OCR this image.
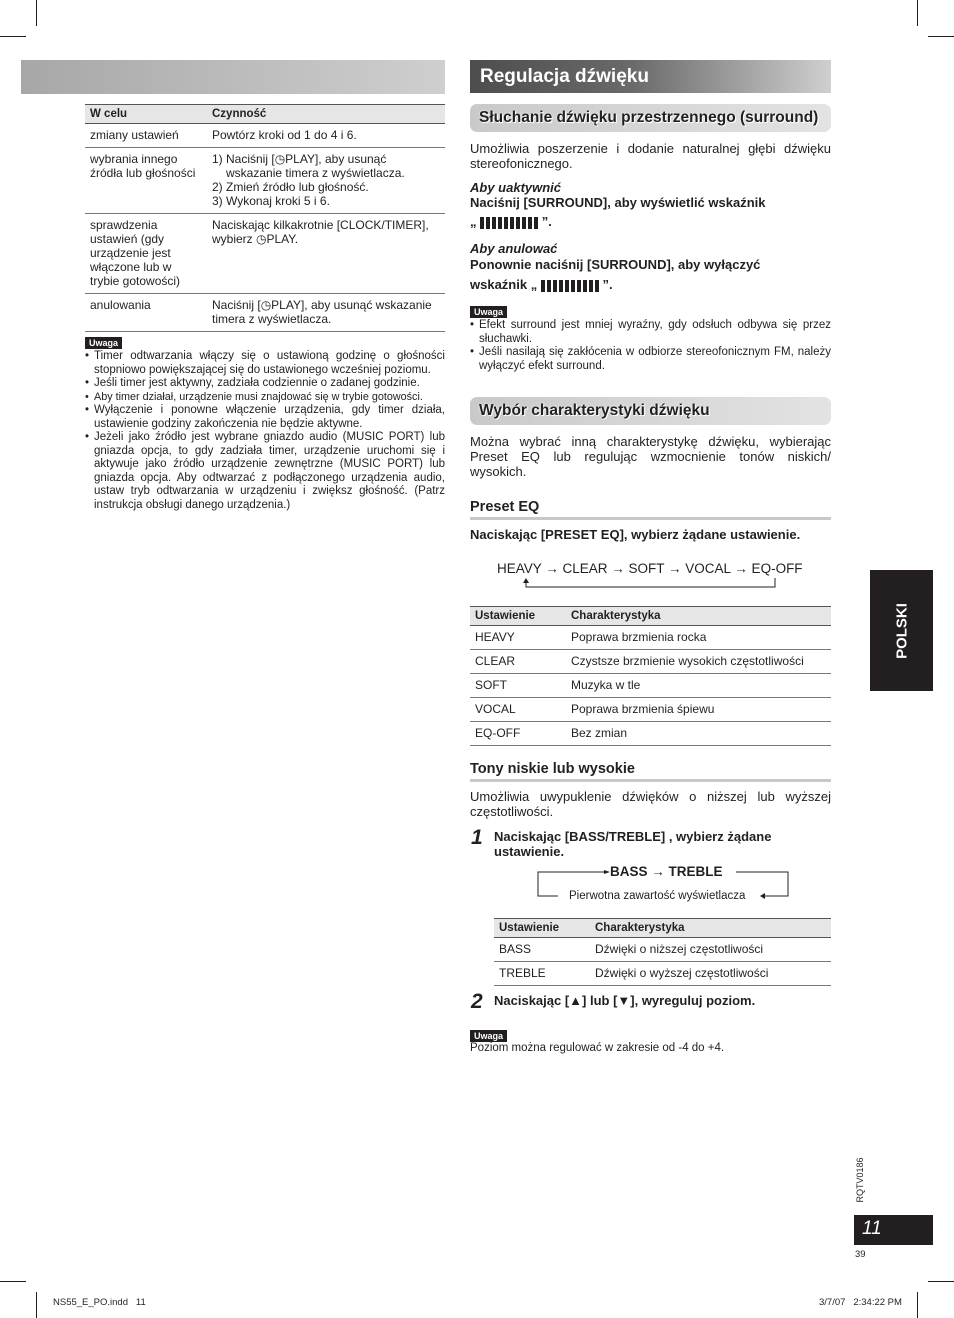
W celu	Czynność
zmiany ustawień	Powtórz kroki od 1 do 4 i 6.
wybrania innego źródła lub głośności	1) Naciśnij [◷PLAY], aby usunąć
wskazanie timera z wyświetlacza.
2) Zmień źródło lub głośność.
3) Wykonaj kroki 5 i 6.

sprawdzenia ustawień (gdy urządzenie jest włączone lub w trybie gotowości)	Naciskając kilkakrotnie [CLOCK/TIMER],
wybierz ◷PLAY.

anulowania	Naciśnij [◷PLAY], aby usunąć wskazanie timera z wyświetlacza.
Uwaga
• Timer odtwarzania włączy się o ustawioną godzinę o głośności stopniowo powiększającej się do ustawionego wcześniej poziomu.
• Jeśli timer jest aktywny, zadziała codziennie o zadanej godzinie.
• Aby timer działał, urządzenie musi znajdować się w trybie gotowości.
• Wyłączenie i ponowne włączenie urządzenia, gdy timer działa, ustawienie godziny zakończenia nie będzie aktywne.
• Jeżeli jako źródło jest wybrane gniazdo audio (MUSIC PORT) lub gniazda opcja, to gdy zadziała timer, urządzenie uruchomi się i aktywuje jako źródło urządzenie zewnętrzne (MUSIC PORT) lub gniazda opcja. Aby odtwarzać z podłączonego urządzenia audio, ustaw tryb odtwarzania w urządzeniu i zwiększ głośność. (Patrz instrukcja obsługi danego urządzenia.)
Regulacja dźwięku
Słuchanie dźwięku przestrzennego (surround)
Umożliwia poszerzenie i dodanie naturalnej głębi dźwięku stereofonicznego.
Aby uaktywnić
Naciśnij [SURROUND], aby wyświetlić wskaźnik
„	”.
Aby anulować
Ponownie naciśnij [SURROUND], aby wyłączyć
wskaźnik „	”.
Uwaga
• Efekt surround jest mniej wyraźny, gdy odsłuch odbywa się przez słuchawki.
• Jeśli nasilają się zakłócenia w odbiorze stereofonicznym FM, należy wyłączyć efekt surround.
Wybór charakterystyki dźwięku
Można wybrać inną charakterystykę dźwięku, wybierając Preset EQ lub regulując wzmocnienie tonów niskich/ wysokich.
Preset EQ
Naciskając [PRESET EQ], wybierz żądane ustawienie.
HEAVY → CLEAR → SOFT → VOCAL → EQ-OFF
Ustawienie	Charakterystyka
HEAVY	Poprawa brzmienia rocka
CLEAR	Czystsze brzmienie wysokich częstotliwości
SOFT	Muzyka w tle
VOCAL	Poprawa brzmienia śpiewu
EQ-OFF	Bez zmian
Tony niskie lub wysokie
Umożliwia uwypuklenie dźwięków o niższej lub wyższej częstotliwości.
1 Naciskając [BASS/TREBLE] , wybierz żądane ustawienie.
BASS → TREBLE
Pierwotna zawartość wyświetlacza
Ustawienie	Charakterystyka
BASS	Dźwięki o niższej częstotliwości
TREBLE	Dźwięki o wyższej częstotliwości
2 Naciskając [▲] lub [▼], wyreguluj poziom.
Uwaga
Poziom można regulować w zakresie od -4 do +4.
POLSKI
RQTV0186
11
39
NS55_E_PO.indd   11	3/7/07   2:34:22 PM
